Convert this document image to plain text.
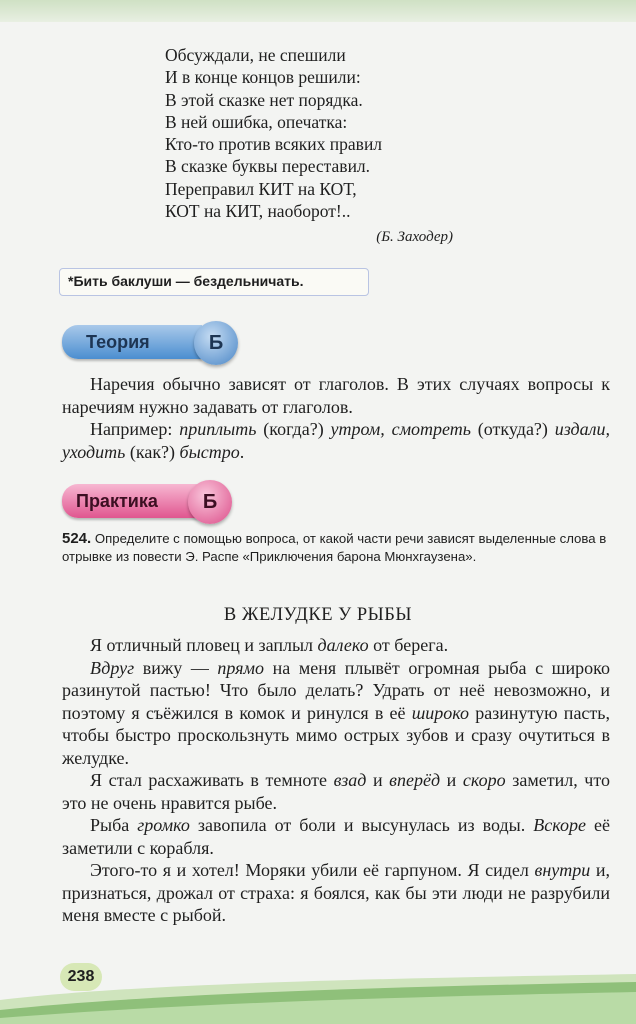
Обсуждали, не спешили
И в конце концов решили:
В этой сказке нет порядка.
В ней ошибка, опечатка:
Кто-то против всяких правил
В сказке буквы переставил.
Переправил КИТ на КОТ,
КОТ на КИТ, наоборот!..
(Б. Заходер)
*Бить баклуши — бездельничать.
Теория	Б

Наречия обычно зависят от глаголов. В этих случаях вопросы к наречиям нужно задавать от глаголов.

Например: приплыть (когда?) утром, смотреть (откуда?) издали, уходить (как?) быстро.

Практика	Б
524. Определите с помощью вопроса, от какой части речи зависят выделенные слова в отрывке из повести Э. Распе «Приключения барона Мюнхгаузена».
В ЖЕЛУДКЕ У РЫБЫ

Я отличный пловец и заплыл далеко от берега.

Вдруг вижу — прямо на меня плывёт огромная рыба с широко разинутой пастью! Что было делать? Удрать от неё невозможно, и поэтому я съёжился в комок и ринулся в её широко разинутую пасть, чтобы быстро проскользнуть мимо острых зубов и сразу очутиться в желудке.

Я стал расхаживать в темноте взад и вперёд и скоро заметил, что это не очень нравится рыбе.

Рыба громко завопила от боли и высунулась из воды. Вскоре её заметили с корабля.

Этого-то я и хотел! Моряки убили её гарпуном. Я сидел внутри и, признаться, дрожал от страха: я боялся, как бы эти люди не разрубили меня вместе с рыбой.

238
